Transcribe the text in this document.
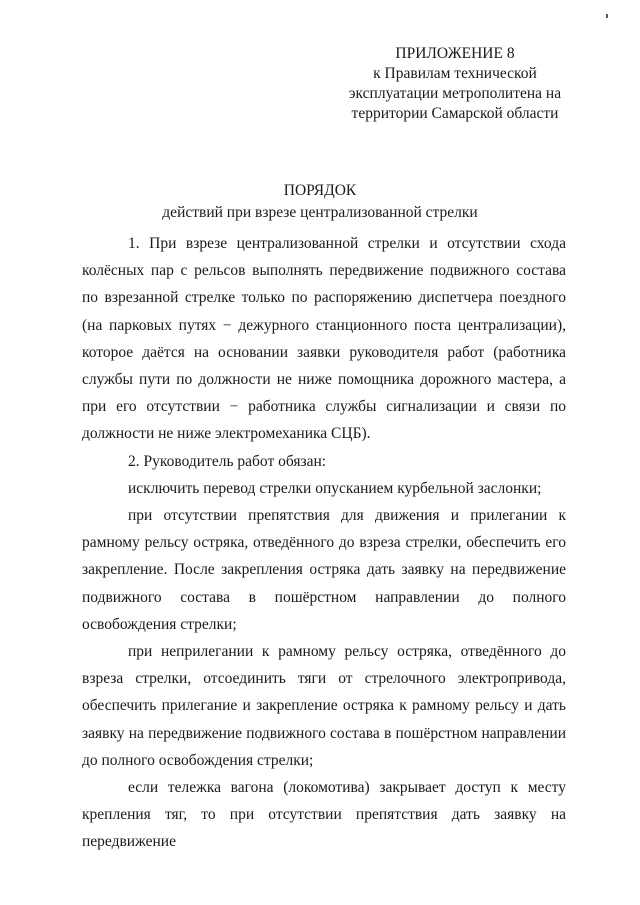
ПРИЛОЖЕНИЕ 8
к Правилам технической
эксплуатации метрополитена на
территории Самарской области
ПОРЯДОК
действий при взрезе централизованной стрелки

1. При взрезе централизованной стрелки и отсутствии схода колёсных пар с рельсов выполнять передвижение подвижного состава по взрезанной стрелке только по распоряжению диспетчера поездного (на парковых путях − дежурного станционного поста централизации), которое даётся на основании заявки руководителя работ (работника службы пути по должности не ниже помощника дорожного мастера, а при его отсутствии − работника службы сигнализации и связи по должности не ниже электромеханика СЦБ).

2. Руководитель работ обязан:

исключить перевод стрелки опусканием курбельной заслонки;

при отсутствии препятствия для движения и прилегании к рамному рельсу остряка, отведённого до взреза стрелки, обеспечить его закрепление. После закрепления остряка дать заявку на передвижение подвижного состава в пошёрстном направлении до полного освобождения стрелки;

при неприлегании к рамному рельсу остряка, отведённого до взреза стрелки, отсоединить тяги от стрелочного электропривода, обеспечить прилегание и закрепление остряка к рамному рельсу и дать заявку на передвижение подвижного состава в пошёрстном направлении до полного освобождения стрелки;

если тележка вагона (локомотива) закрывает доступ к месту крепления тяг, то при отсутствии препятствия дать заявку на передвижение
